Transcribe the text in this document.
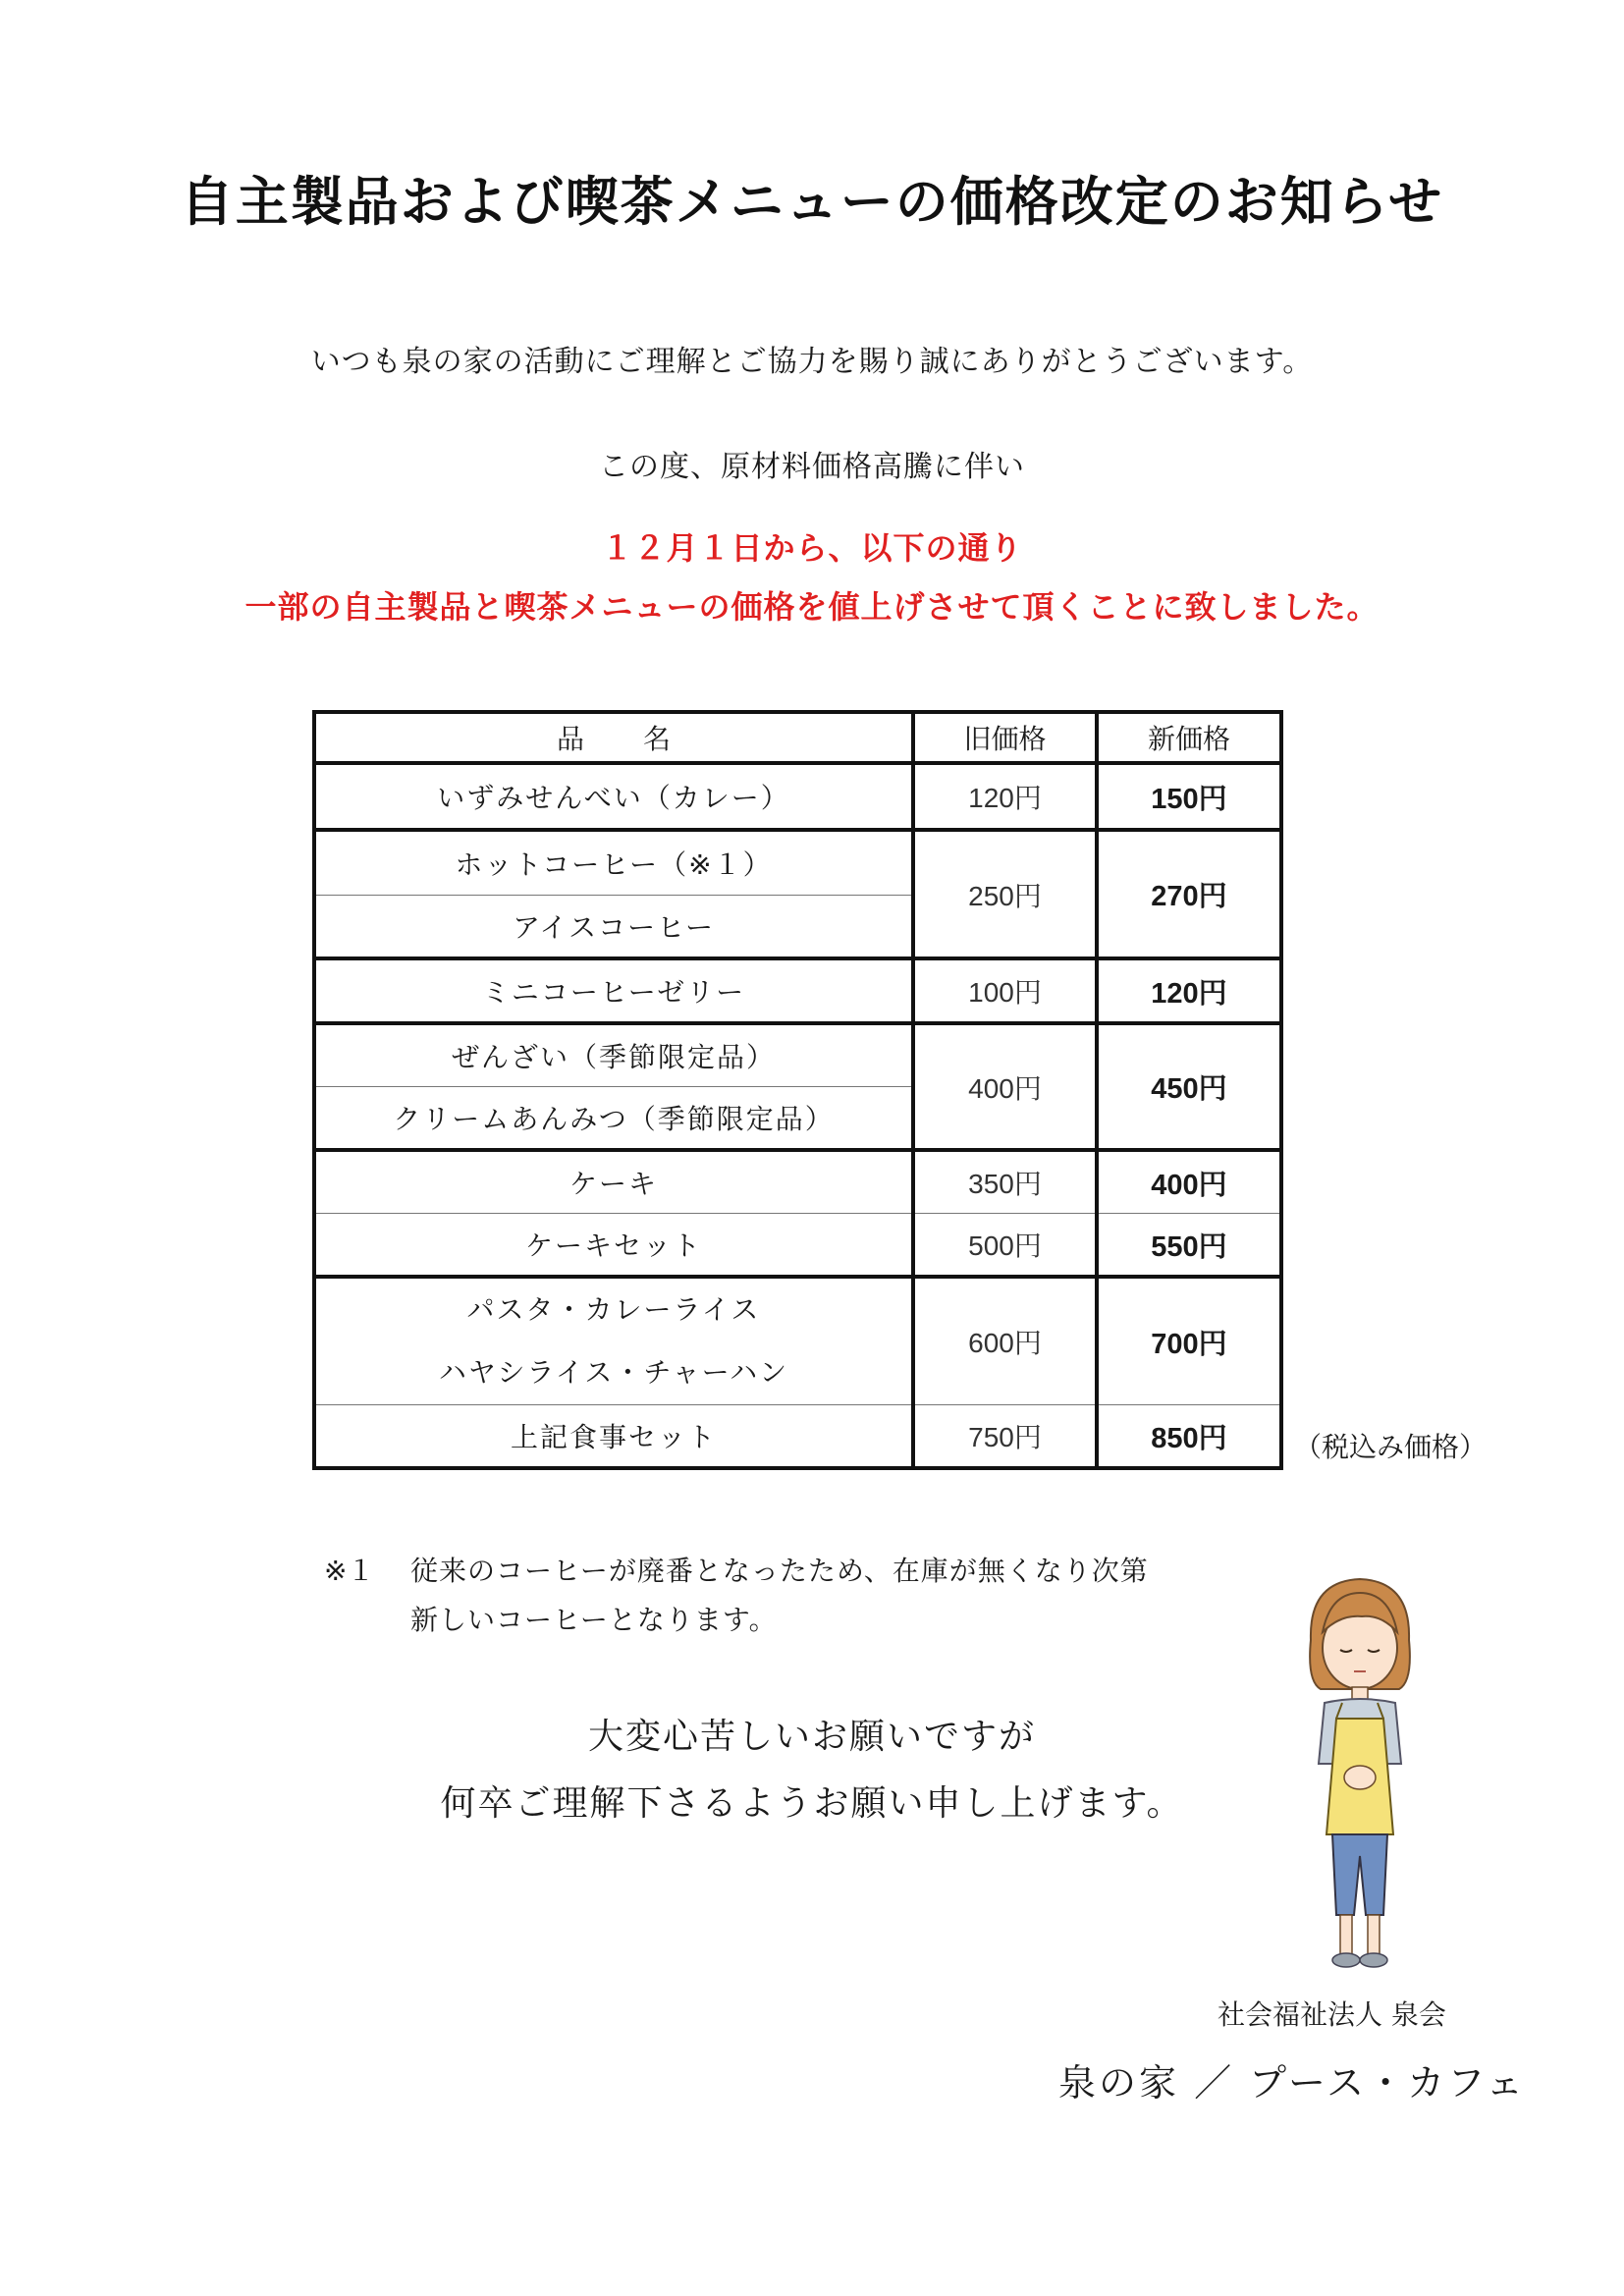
自主製品および喫茶メニューの価格改定のお知らせ
いつも泉の家の活動にご理解とご協力を賜り誠にありがとうございます。
この度、原材料価格高騰に伴い
１２月１日から、以下の通り
一部の自主製品と喫茶メニューの価格を値上げさせて頂くことに致しました。
品名	旧価格	新価格
いずみせんべい（カレー）	120円	150円
ホットコーヒー（※１）	250円	270円
アイスコーヒー		
ミニコーヒーゼリー	100円	120円
ぜんざい（季節限定品）	400円	450円
クリームあんみつ（季節限定品）		
ケーキ	350円	400円
ケーキセット	500円	550円

パスタ・カレーライス
ハヤシライス・チャーハン	600円	700円
上記食事セット	750円	850円 （税込み価格）
※１ 従来のコーヒーが廃番となったため、在庫が無くなり次第
新しいコーヒーとなります。
大変心苦しいお願いですが
何卒ご理解下さるようお願い申し上げます。
社会福祉法人 泉会
泉の家 ／ プース・カフェ
